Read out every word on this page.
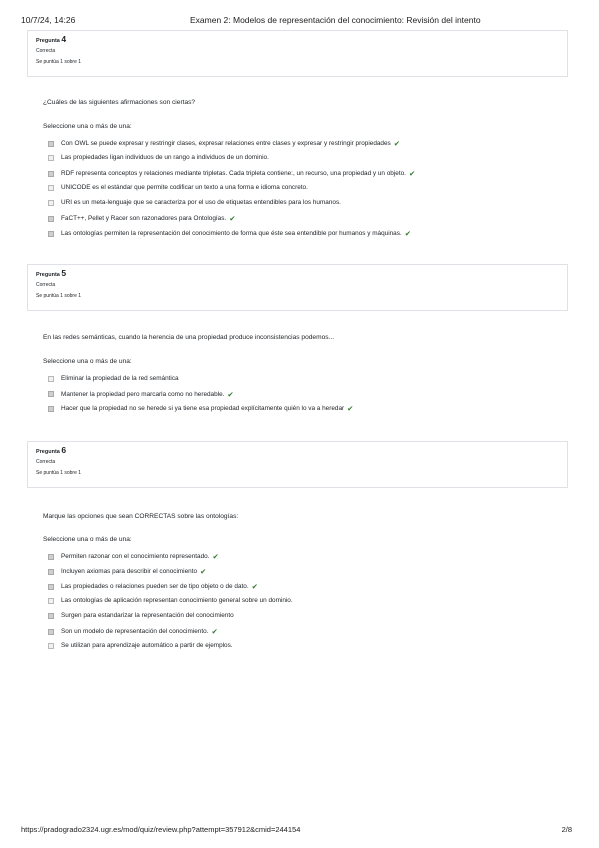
10/7/24, 14:26	Examen 2: Modelos de representación del conocimiento: Revisión del intento
Pregunta 4
Correcta
Se puntúa 1 sobre 1
¿Cuáles de las siguientes afirmaciones son ciertas?
Seleccione una o más de una:
Con OWL se puede expresar y restringir clases, expresar relaciones entre clases y expresar y restringir propiedades ✔
Las propiedades ligan individuos de un rango a individuos de un dominio.
RDF representa conceptos y relaciones mediante tripletas. Cada tripleta contiene:, un recurso, una propiedad y un objeto. ✔
UNICODE es el estándar que permite codificar un texto a una forma e idioma concreto.
URI es un meta-lenguaje que se caracteriza por el uso de etiquetas entendibles para los humanos.
FaCT++, Pellet y Racer son razonadores para Ontologías. ✔
Las ontologías permiten la representación del conocimiento de forma que éste sea entendible por humanos y máquinas. ✔
Pregunta 5
Correcta
Se puntúa 1 sobre 1
En las redes semánticas, cuando la herencia de una propiedad produce inconsistencias podemos...
Seleccione una o más de una:
Eliminar la propiedad de la red semántica
Mantener la propiedad pero marcarla como no heredable. ✔
Hacer que la propiedad no se herede si ya tiene esa propiedad explícitamente quién lo va a heredar ✔
Pregunta 6
Correcta
Se puntúa 1 sobre 1
Marque las opciones que sean CORRECTAS sobre las ontologías:
Seleccione una o más de una:
Permiten razonar con el conocimiento representado. ✔
Incluyen axiomas para describir el conocimiento ✔
Las propiedades o relaciones pueden ser de tipo objeto o de dato. ✔
Las ontologías de aplicación representan conocimiento general sobre un dominio.
Surgen para estandarizar la representación del conocimiento
Son un modelo de representación del conocimiento. ✔
Se utilizan para aprendizaje automático a partir de ejemplos.
https://pradogrado2324.ugr.es/mod/quiz/review.php?attempt=357912&cmid=244154	2/8
